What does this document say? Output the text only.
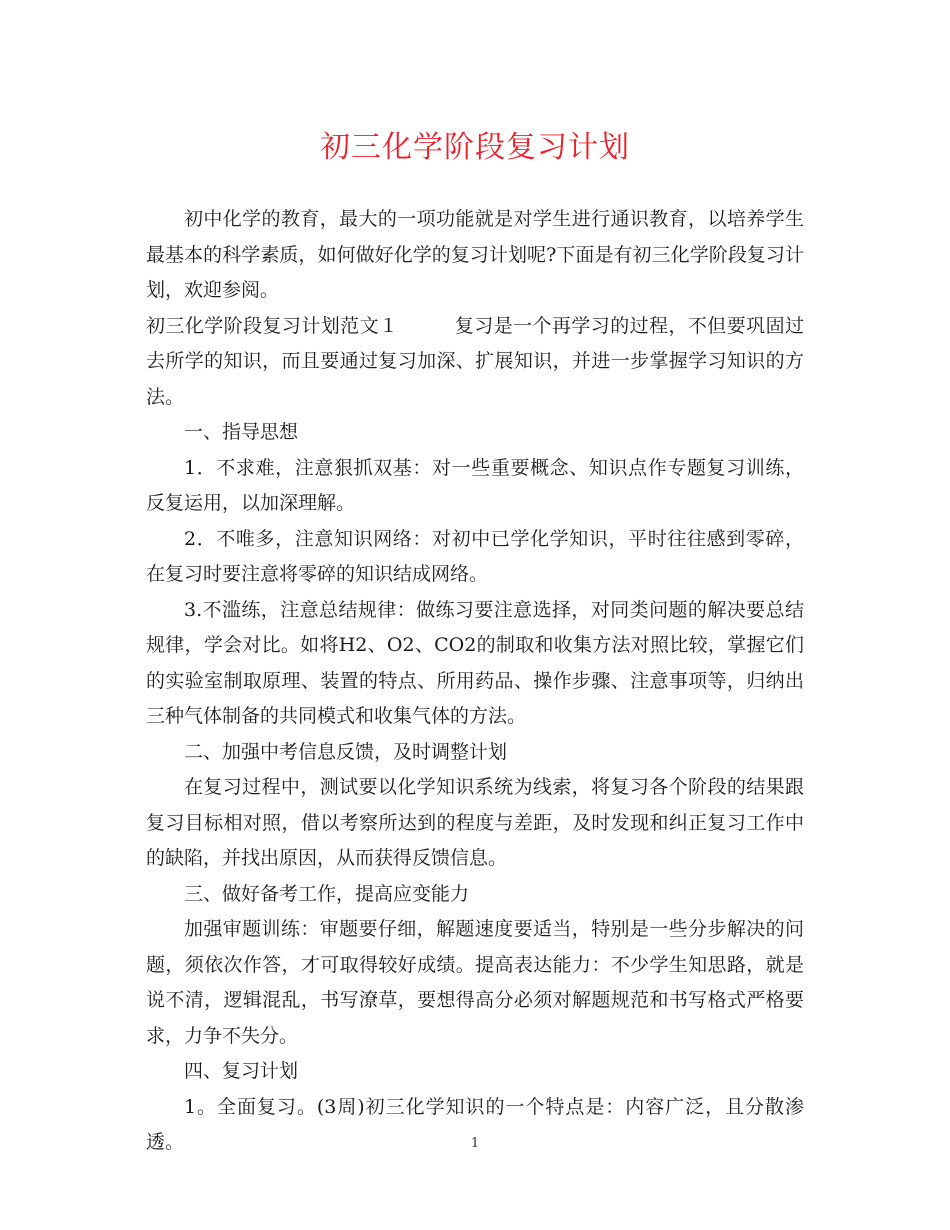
初三化学阶段复习计划

初中化学的教育，最大的一项功能就是对学生进行通识教育，以培养学生最基本的科学素质，如何做好化学的复习计划呢?下面是有初三化学阶段复习计划，欢迎参阅。

初三化学阶段复习计划范文１	复习是一个再学习的过程，不但要巩固过去所学的知识，而且要通过复习加深、扩展知识，并进一步掌握学习知识的方法。

一、指导思想

1．不求难，注意狠抓双基：对一些重要概念、知识点作专题复习训练，反复运用，以加深理解。

2．不唯多，注意知识网络：对初中已学化学知识，平时往往感到零碎，在复习时要注意将零碎的知识结成网络。

3.不滥练，注意总结规律：做练习要注意选择，对同类问题的解决要总结规律，学会对比。如将H2、O2、CO2的制取和收集方法对照比较，掌握它们的实验室制取原理、装置的特点、所用药品、操作步骤、注意事项等，归纳出三种气体制备的共同模式和收集气体的方法。

二、加强中考信息反馈，及时调整计划

在复习过程中，测试要以化学知识系统为线索，将复习各个阶段的结果跟复习目标相对照，借以考察所达到的程度与差距，及时发现和纠正复习工作中的缺陷，并找出原因，从而获得反馈信息。

三、做好备考工作，提高应变能力

加强审题训练：审题要仔细，解题速度要适当，特别是一些分步解决的问题，须依次作答，才可取得较好成绩。提高表达能力：不少学生知思路，就是说不清，逻辑混乱，书写潦草，要想得高分必须对解题规范和书写格式严格要求，力争不失分。

四、复习计划

1。全面复习。(3周)初三化学知识的一个特点是：内容广泛，且分散渗透。	1
